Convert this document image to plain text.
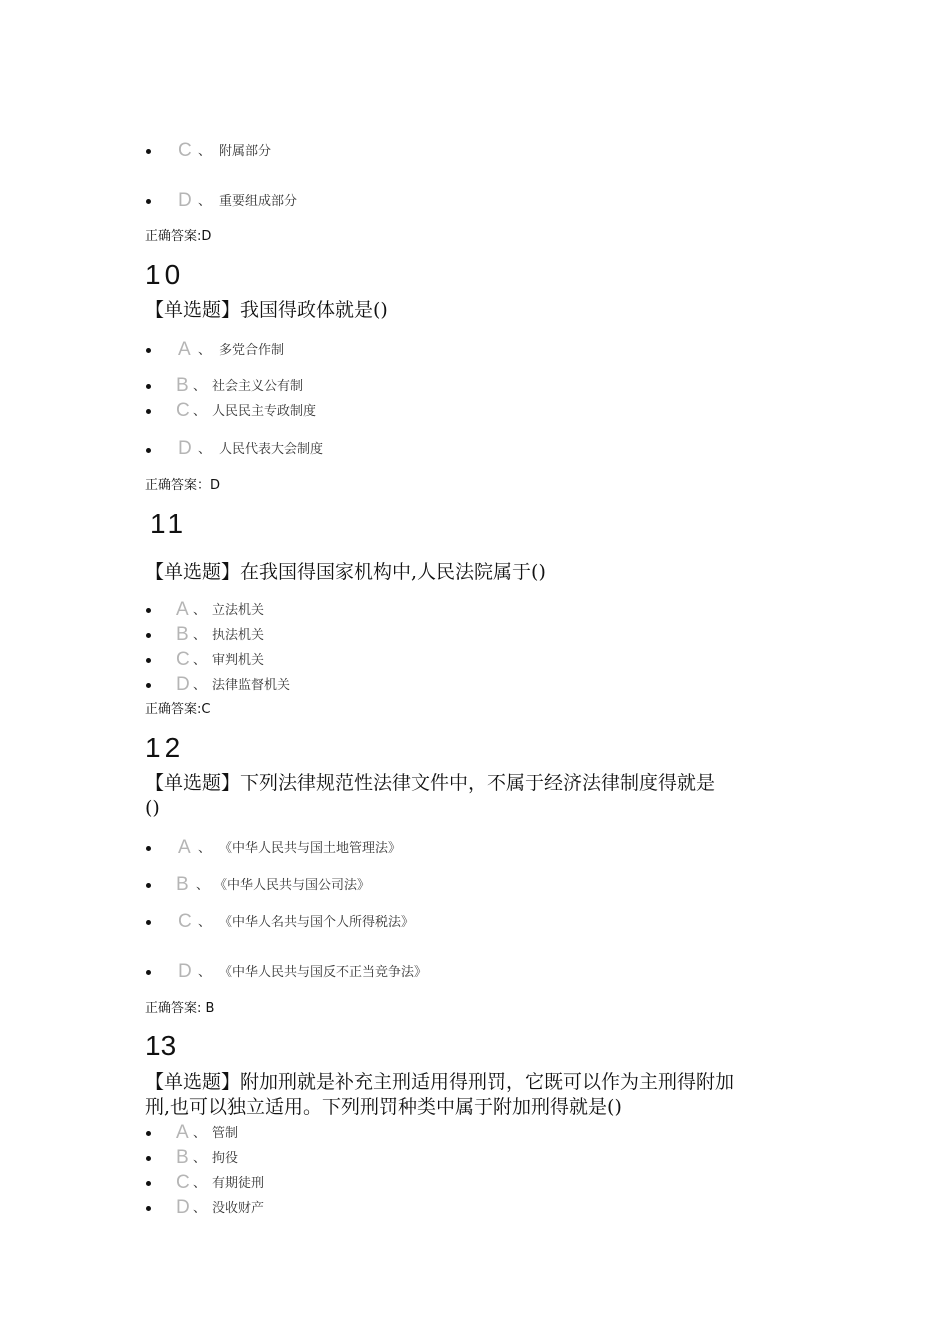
C 、 附属部分
D 、 重要组成部分
正确答案:D
10
【单选题】我国得政体就是()
A 、 多党合作制
B 、 社会主义公有制
C 、 人民民主专政制度
D 、 人民代表大会制度
正确答案：D
11
【单选题】在我国得国家机构中,人民法院属于()
A 、 立法机关
B 、 执法机关
C 、 审判机关
D 、 法律监督机关
正确答案:C
12
【单选题】下列法律规范性法律文件中，不属于经济法律制度得就是
()
A 、 《中华人民共与国土地管理法》
B 、 《中华人民共与国公司法》
C 、 《中华人名共与国个人所得税法》
D 、 《中华人民共与国反不正当竞争法》
正确答案: B
13
【单选题】附加刑就是补充主刑适用得刑罚，它既可以作为主刑得附加
刑,也可以独立适用。下列刑罚种类中属于附加刑得就是()
A 、 管制
B 、 拘役
C 、 有期徒刑
D 、 没收财产
